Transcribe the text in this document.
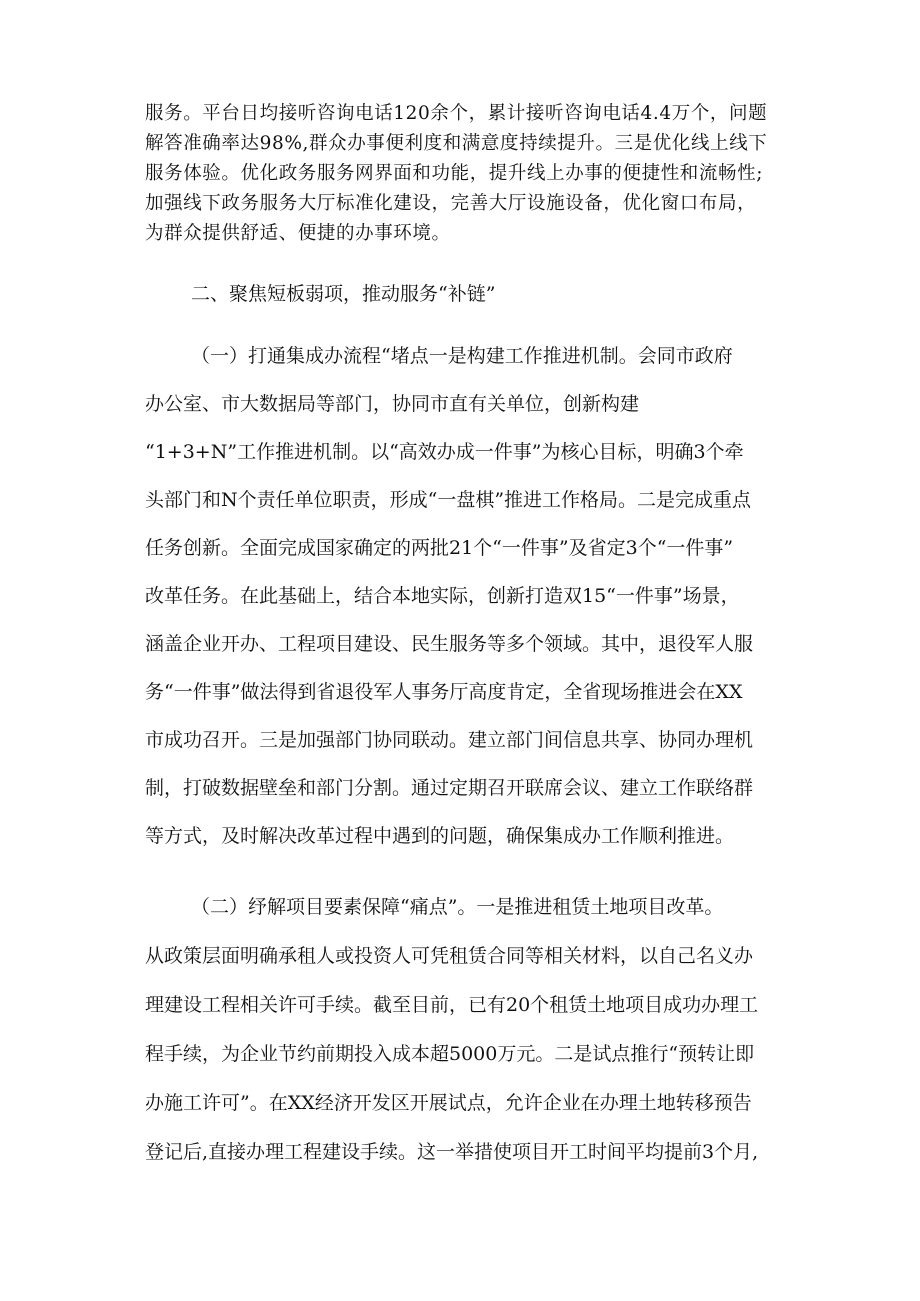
服务。平台日均接听咨询电话120余个，累计接听咨询电话4.4万个，问题
解答准确率达98%,群众办事便利度和满意度持续提升。三是优化线上线下
服务体验。优化政务服务网界面和功能，提升线上办事的便捷性和流畅性;
加强线下政务服务大厅标准化建设，完善大厅设施设备，优化窗口布局，
为群众提供舒适、便捷的办事环境。
二、聚焦短板弱项，推动服务“补链”
（一）打通集成办流程“堵点一是构建工作推进机制。会同市政府
办公室、市大数据局等部门，协同市直有关单位，创新构建
“1+3+N”工作推进机制。以“高效办成一件事”为核心目标，明确3个牵
头部门和N个责任单位职责，形成“一盘棋”推进工作格局。二是完成重点
任务创新。全面完成国家确定的两批21个“一件事”及省定3个“一件事”
改革任务。在此基础上，结合本地实际，创新打造双15“一件事”场景，
涵盖企业开办、工程项目建设、民生服务等多个领域。其中，退役军人服
务“一件事”做法得到省退役军人事务厅高度肯定，全省现场推进会在XX
市成功召开。三是加强部门协同联动。建立部门间信息共享、协同办理机
制，打破数据壁垒和部门分割。通过定期召开联席会议、建立工作联络群
等方式，及时解决改革过程中遇到的问题，确保集成办工作顺利推进。
（二）纾解项目要素保障“痛点”。一是推进租赁土地项目改革。
从政策层面明确承租人或投资人可凭租赁合同等相关材料，以自己名义办
理建设工程相关许可手续。截至目前，已有20个租赁土地项目成功办理工
程手续，为企业节约前期投入成本超5000万元。二是试点推行“预转让即
办施工许可”。在XX经济开发区开展试点，允许企业在办理土地转移预告
登记后,直接办理工程建设手续。这一举措使项目开工时间平均提前3个月,
